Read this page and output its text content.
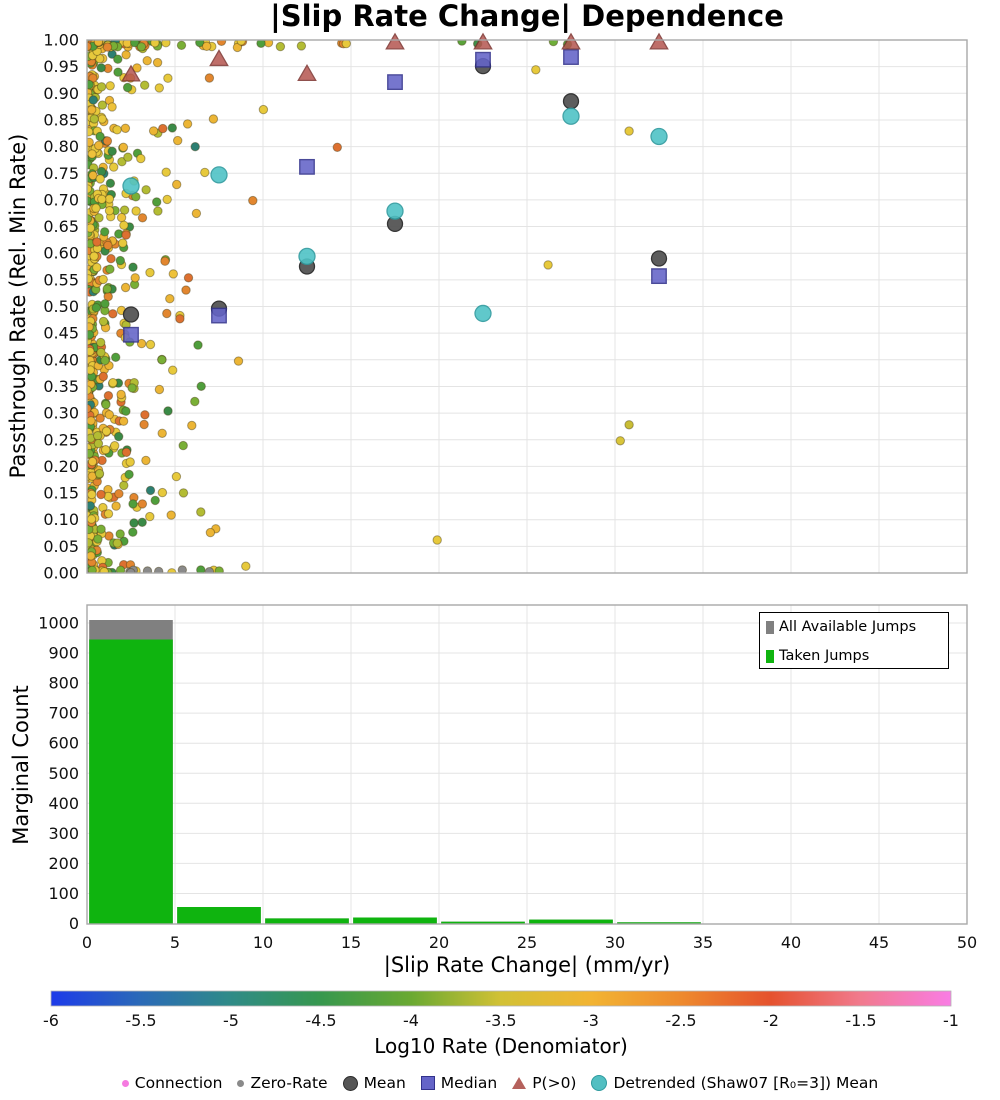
1.00
0.95
0.90
0.85
0.80
0.75
0.70
0.65
0.60
0.55
0.50
0.45
0.40
0.35
0.30
0.25
0.20
0.15
0.10
0.05
0.00
1000
900
800
700
600
500
400
300
200
100
0
0	5	10	15	20	25	30	35	40	45	50
-6	-5.5	-5	-4.5	-4	-3.5	-3	-2.5	-2	-1.5	-1
|Slip Rate Change| Dependence
Passthrough Rate (Rel. Min Rate)
Marginal Count
|Slip Rate Change| (mm/yr)
Log10 Rate (Denomiator)
All Available Jumps
Taken Jumps
Connection Zero-Rate Mean Median P(>0) Detrended (Shaw07 [R₀=3]) Mean
